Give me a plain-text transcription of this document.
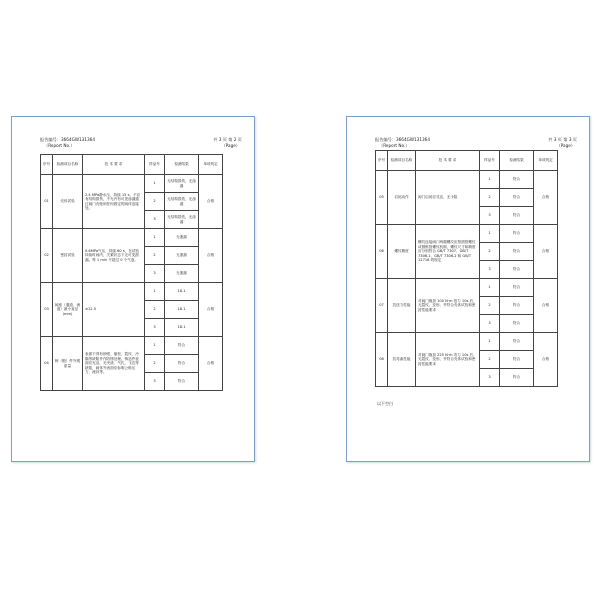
报告编号：3664GW131364
（Report No.）
共 3 页 第 2 页
（Page）
序号	检测项目名称	技 术 要 求	样品号	检测结果	单项判定
01	壳体试验	2.4 MPa静水压，持续 15 s，不应有结构损伤，不允许有可见渗漏通过阀门壳壁和任何固定的阀体连接处。	1	无结构损伤，无渗漏	合格
			2	无结构损伤，无渗漏	
			3	无结构损伤，无渗漏	
02	密封试验	0.6MPa气压，持续 60 s，在试验持续时间内，关紧状态下无可见泄漏。每 1 min 不超过 0 个气泡。	1	无泄漏	合格
			2	无泄漏	
			3	无泄漏	
03	阀座（通道、流道）最小直径(mm)	≥12.5	1	18.1	合格
			2	18.1	
			3	18.1	
04	铸（锻）件外观质量	表面不得有砂眼、缩松、裂纹、冷隔等缺陷并作防锈处理。铸造件表面应光洁，无夹渣、气孔、飞边等缺陷，阀体外表面应标明公称压力、流向等。	1	符合	合格
			2	符合	
			3	符合	
报告编号：3664GW131364
（Report No.）
共 3 页 第 3 页
（Page）
序号	检测项目名称	技 术 要 求	样品号	检测结果	单项判定
05	启闭动作	阀门启闭应灵活，无卡阻	1	符合	合格
			2	符合	
			3	符合	
06	螺纹精度	螺纹连接阀门两端螺纹应按照管螺纹或圆锥管螺纹机制，螺纹尺寸和精度应分别符合 GB/T 7307、GB/T 7306.1、GB/T 7306.2 和 GB/T 12716 的规定	1	符合	合格
			2	符合	
			3	符合	
07	抗扭力性能	对阀门施加 100 N·m 扭力 10s 后，无裂纹、变形，并符合壳体试验和密封性能要求	1	符合	合格
			2	符合	
			3	符合	
08	抗弯曲性能	对阀门施加 225 N·m 弯力 10s 后，无裂纹、变形，并符合壳体试验和密封性能要求	1	符合	合格
			2	符合	
			3	符合	
以下空白
